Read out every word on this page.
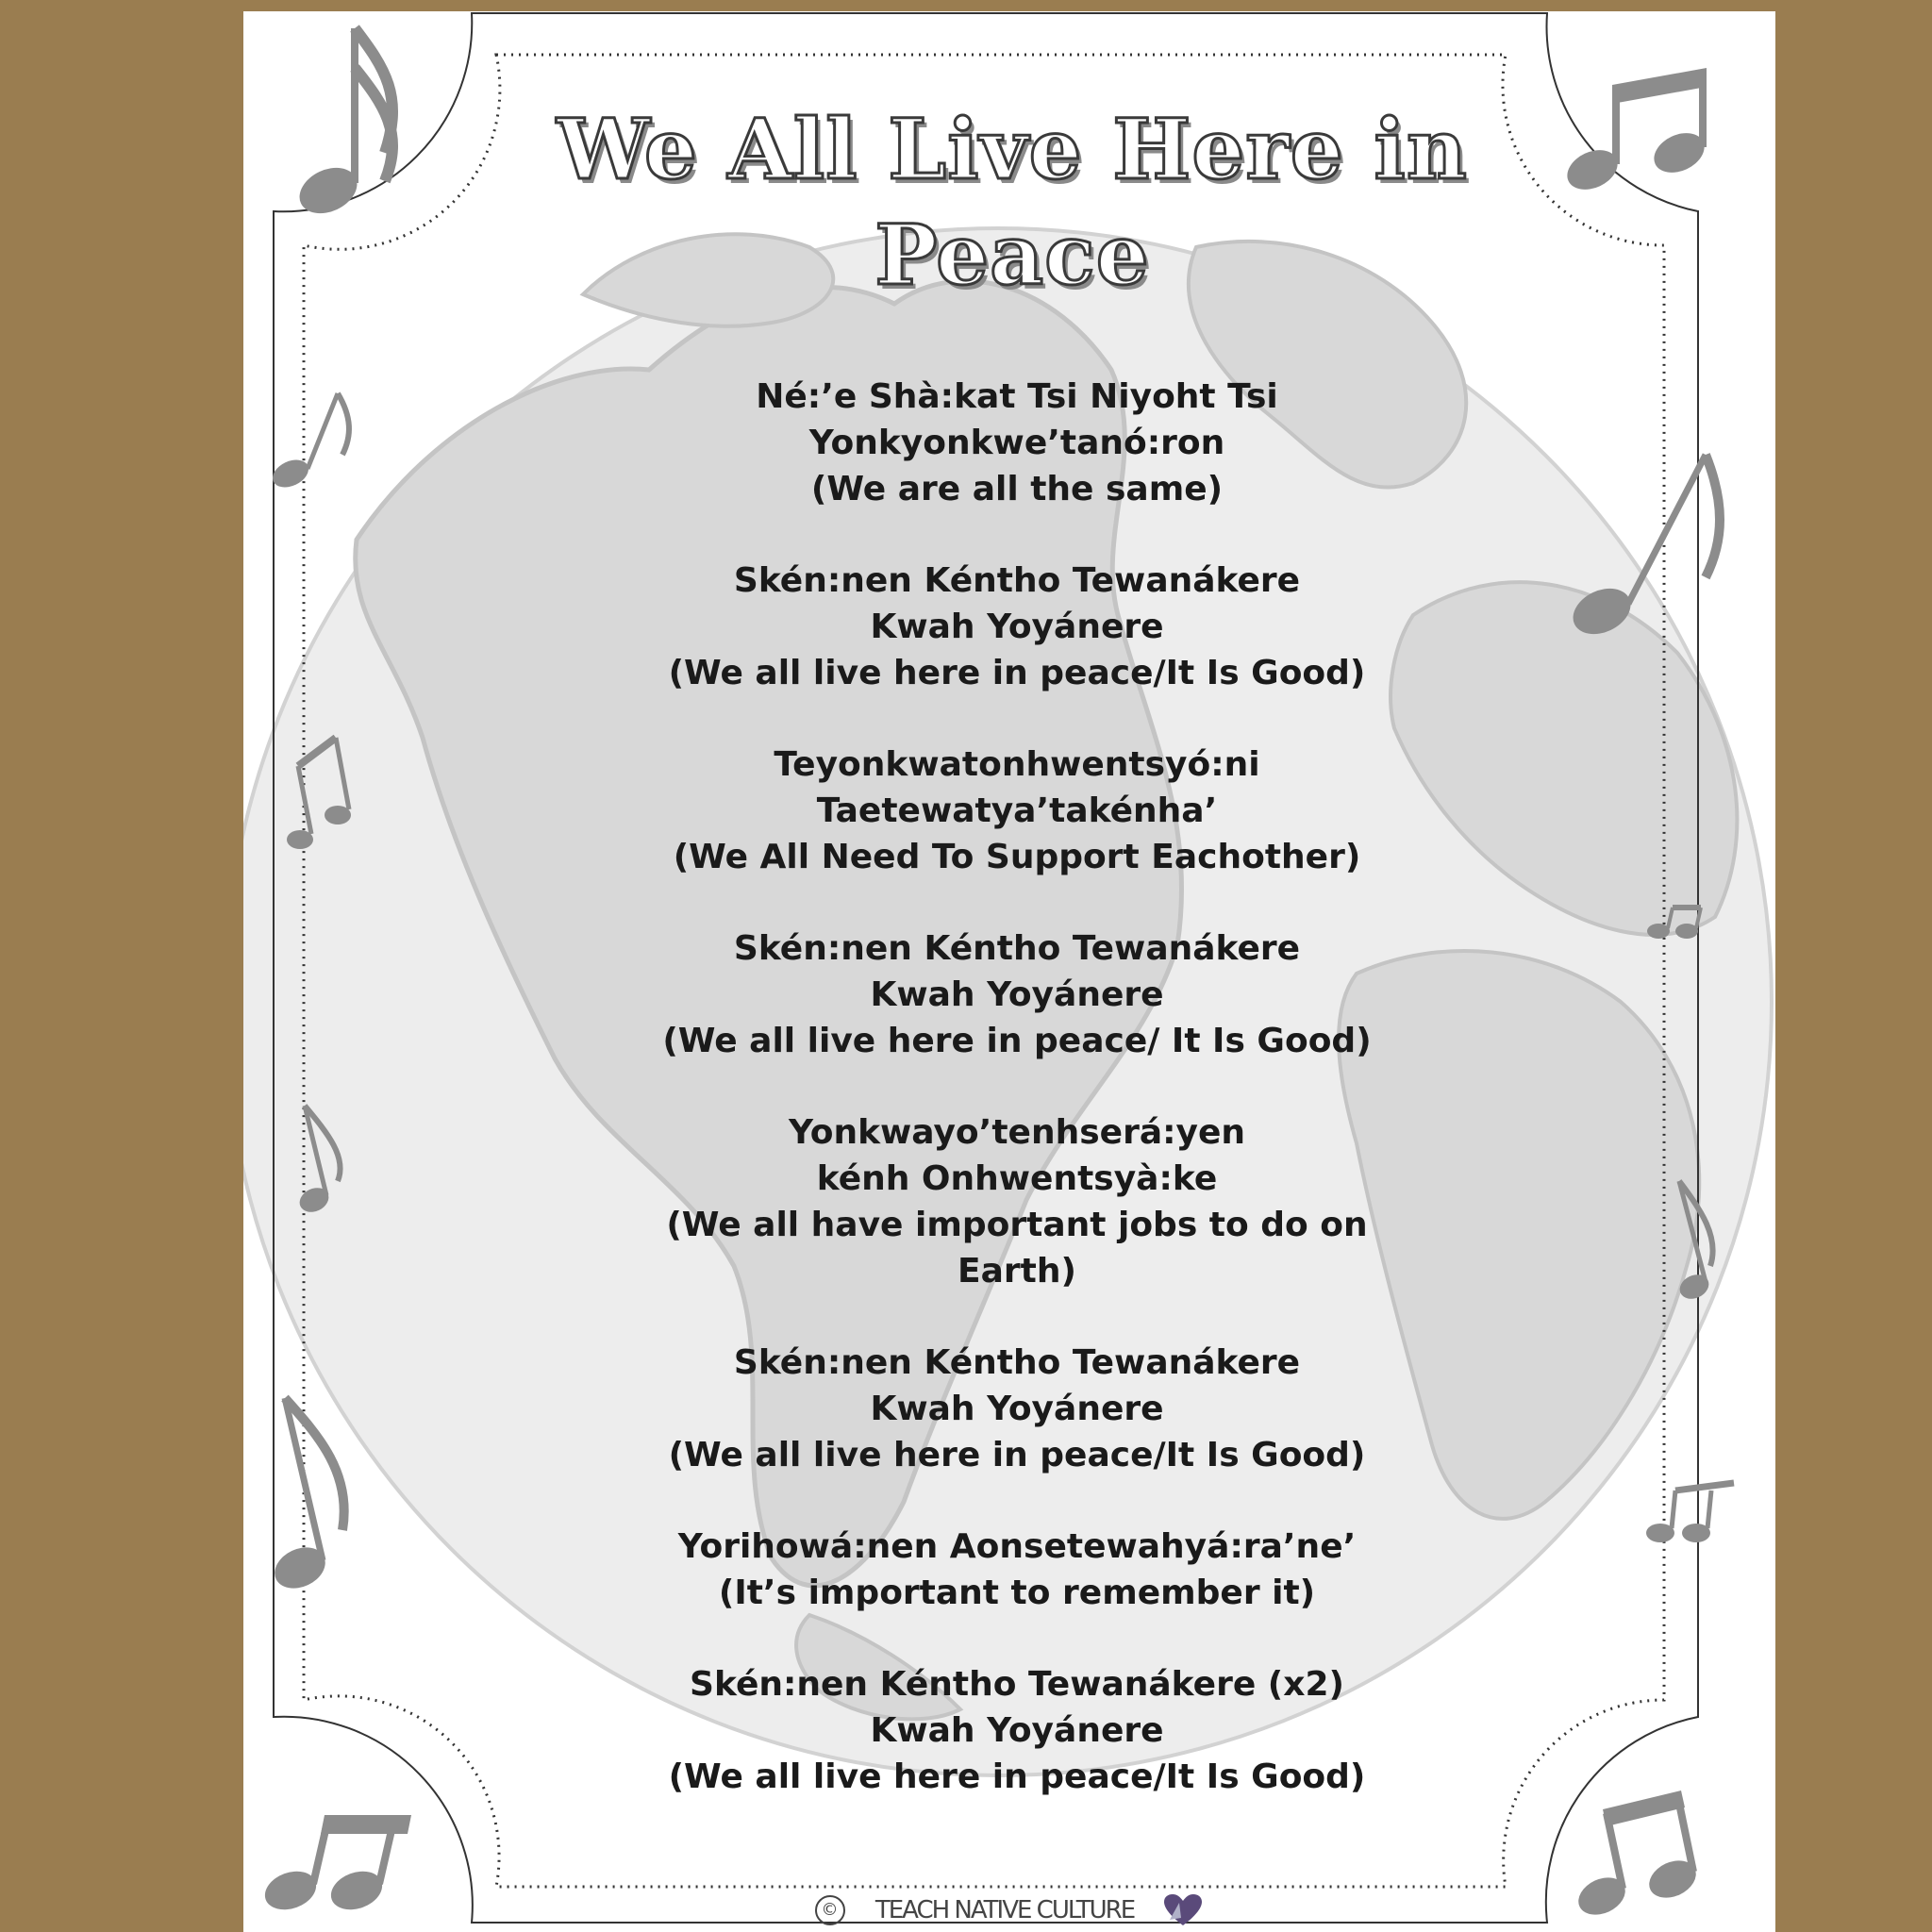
We All Live Here in Peace
Né:’e Shà:kat Tsi Niyoht Tsi
Yonkyonkwe’tanó:ron
(We are all the same)
Skén:nen Kéntho Tewanákere
Kwah Yoyánere
(We all live here in peace/It Is Good)
Teyonkwatonhwentsyó:ni
Taetewatya’takénha’
(We All Need To Support Eachother)
Skén:nen Kéntho Tewanákere
Kwah Yoyánere
(We all live here in peace/ It Is Good)
Yonkwayo’tenhserá:yen
kénh Onhwentsyà:ke
(We all have important jobs to do on
Earth)
Skén:nen Kéntho Tewanákere
Kwah Yoyánere
(We all live here in peace/It Is Good)
Yorihowá:nen Aonsetewahyá:ra’ne’
(It’s important to remember it)
Skén:nen Kéntho Tewanákere (x2)
Kwah Yoyánere
(We all live here in peace/It Is Good)
© TEACH NATIVE CULTURE
